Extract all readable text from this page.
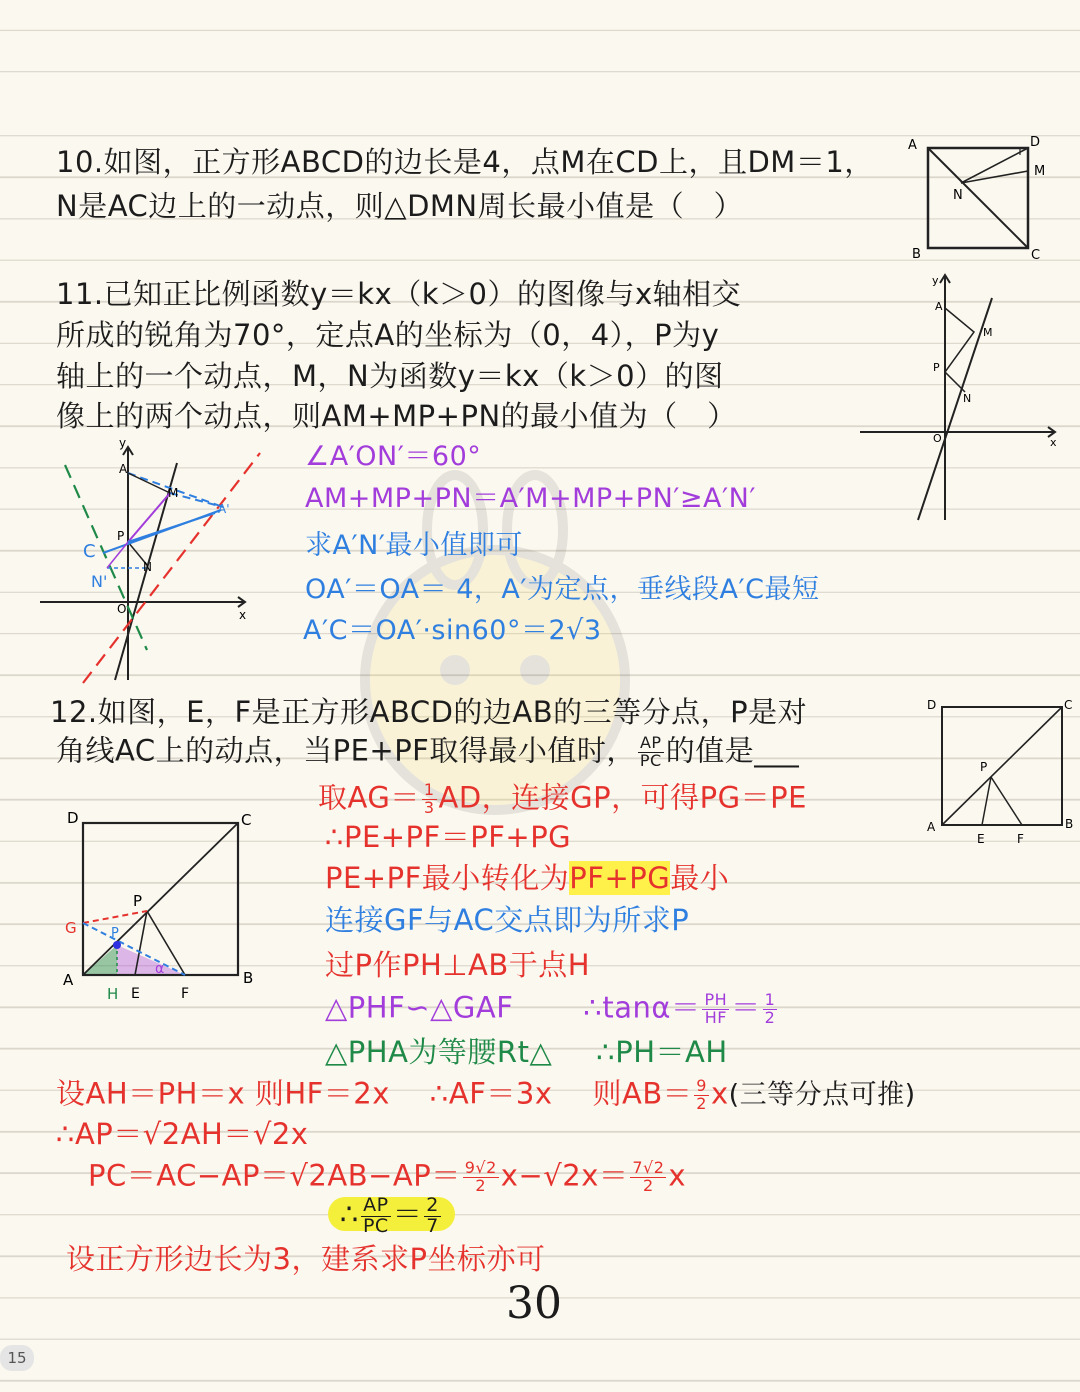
10.如图，正方形ABCD的边长是4，点M在CD上，且DM＝1，
N是AC边上的一动点，则△DMN周长最小值是（　）
A
B	C
D
M
N
11.已知正比例函数y＝kx（k＞0）的图像与x轴相交
所成的锐角为70°，定点A的坐标为（0，4），P为y
轴上的一个动点，M，N为函数y＝kx（k＞0）的图
像上的两个动点，则AM+MP+PN的最小值为（　）
y
A
M
P
N
O	x
y
A
M
A'
P
C
N'
N
O	x
∠A′ON′＝60°
AM+MP+PN＝A′M+MP+PN′≥A′N′
求A′N′最小值即可
OA′＝OA＝ 4，A′为定点，垂线段A′C最短
A′C＝OA′·sin60°＝2√3
12.如图，E，F是正方形ABCD的边AB的三等分点，P是对
角线AC上的动点，当PE+PF取得最小值时， $\frac{AP}{PC}$ 的值是___
D	C
P
A
E	F
B
D	C
P
G	P
A
H E	F
B
α
取$AG= \frac{1}{3}$ AD，连接GP，可得PG＝PE
∴PE+PF＝PF+PG
PE+PF最小转化为PF+PG最小
连接GF与AC交点即为所求P
过P作PH⊥AB于点H
△PHF∽△GAF ∴tanα＝ $\frac{PH}{HF} = \frac{1}{2}$
△PHA为等腰Rt△ ∴PH＝AH
设AH＝PH＝x 则HF＝2x ∴AF＝3x 则$AB= \frac{9}{2} x$(三等分点可推)
∴AP＝√2AH＝√2x
$PC=AC-AP=√2AB-AP= \frac{9√2}{2} x-√2x= \frac{7√2}{2}$ x
∴ $\frac{AP}{PC} = \frac{2}{7}$
设正方形边长为3，建系求P坐标亦可
30
15
